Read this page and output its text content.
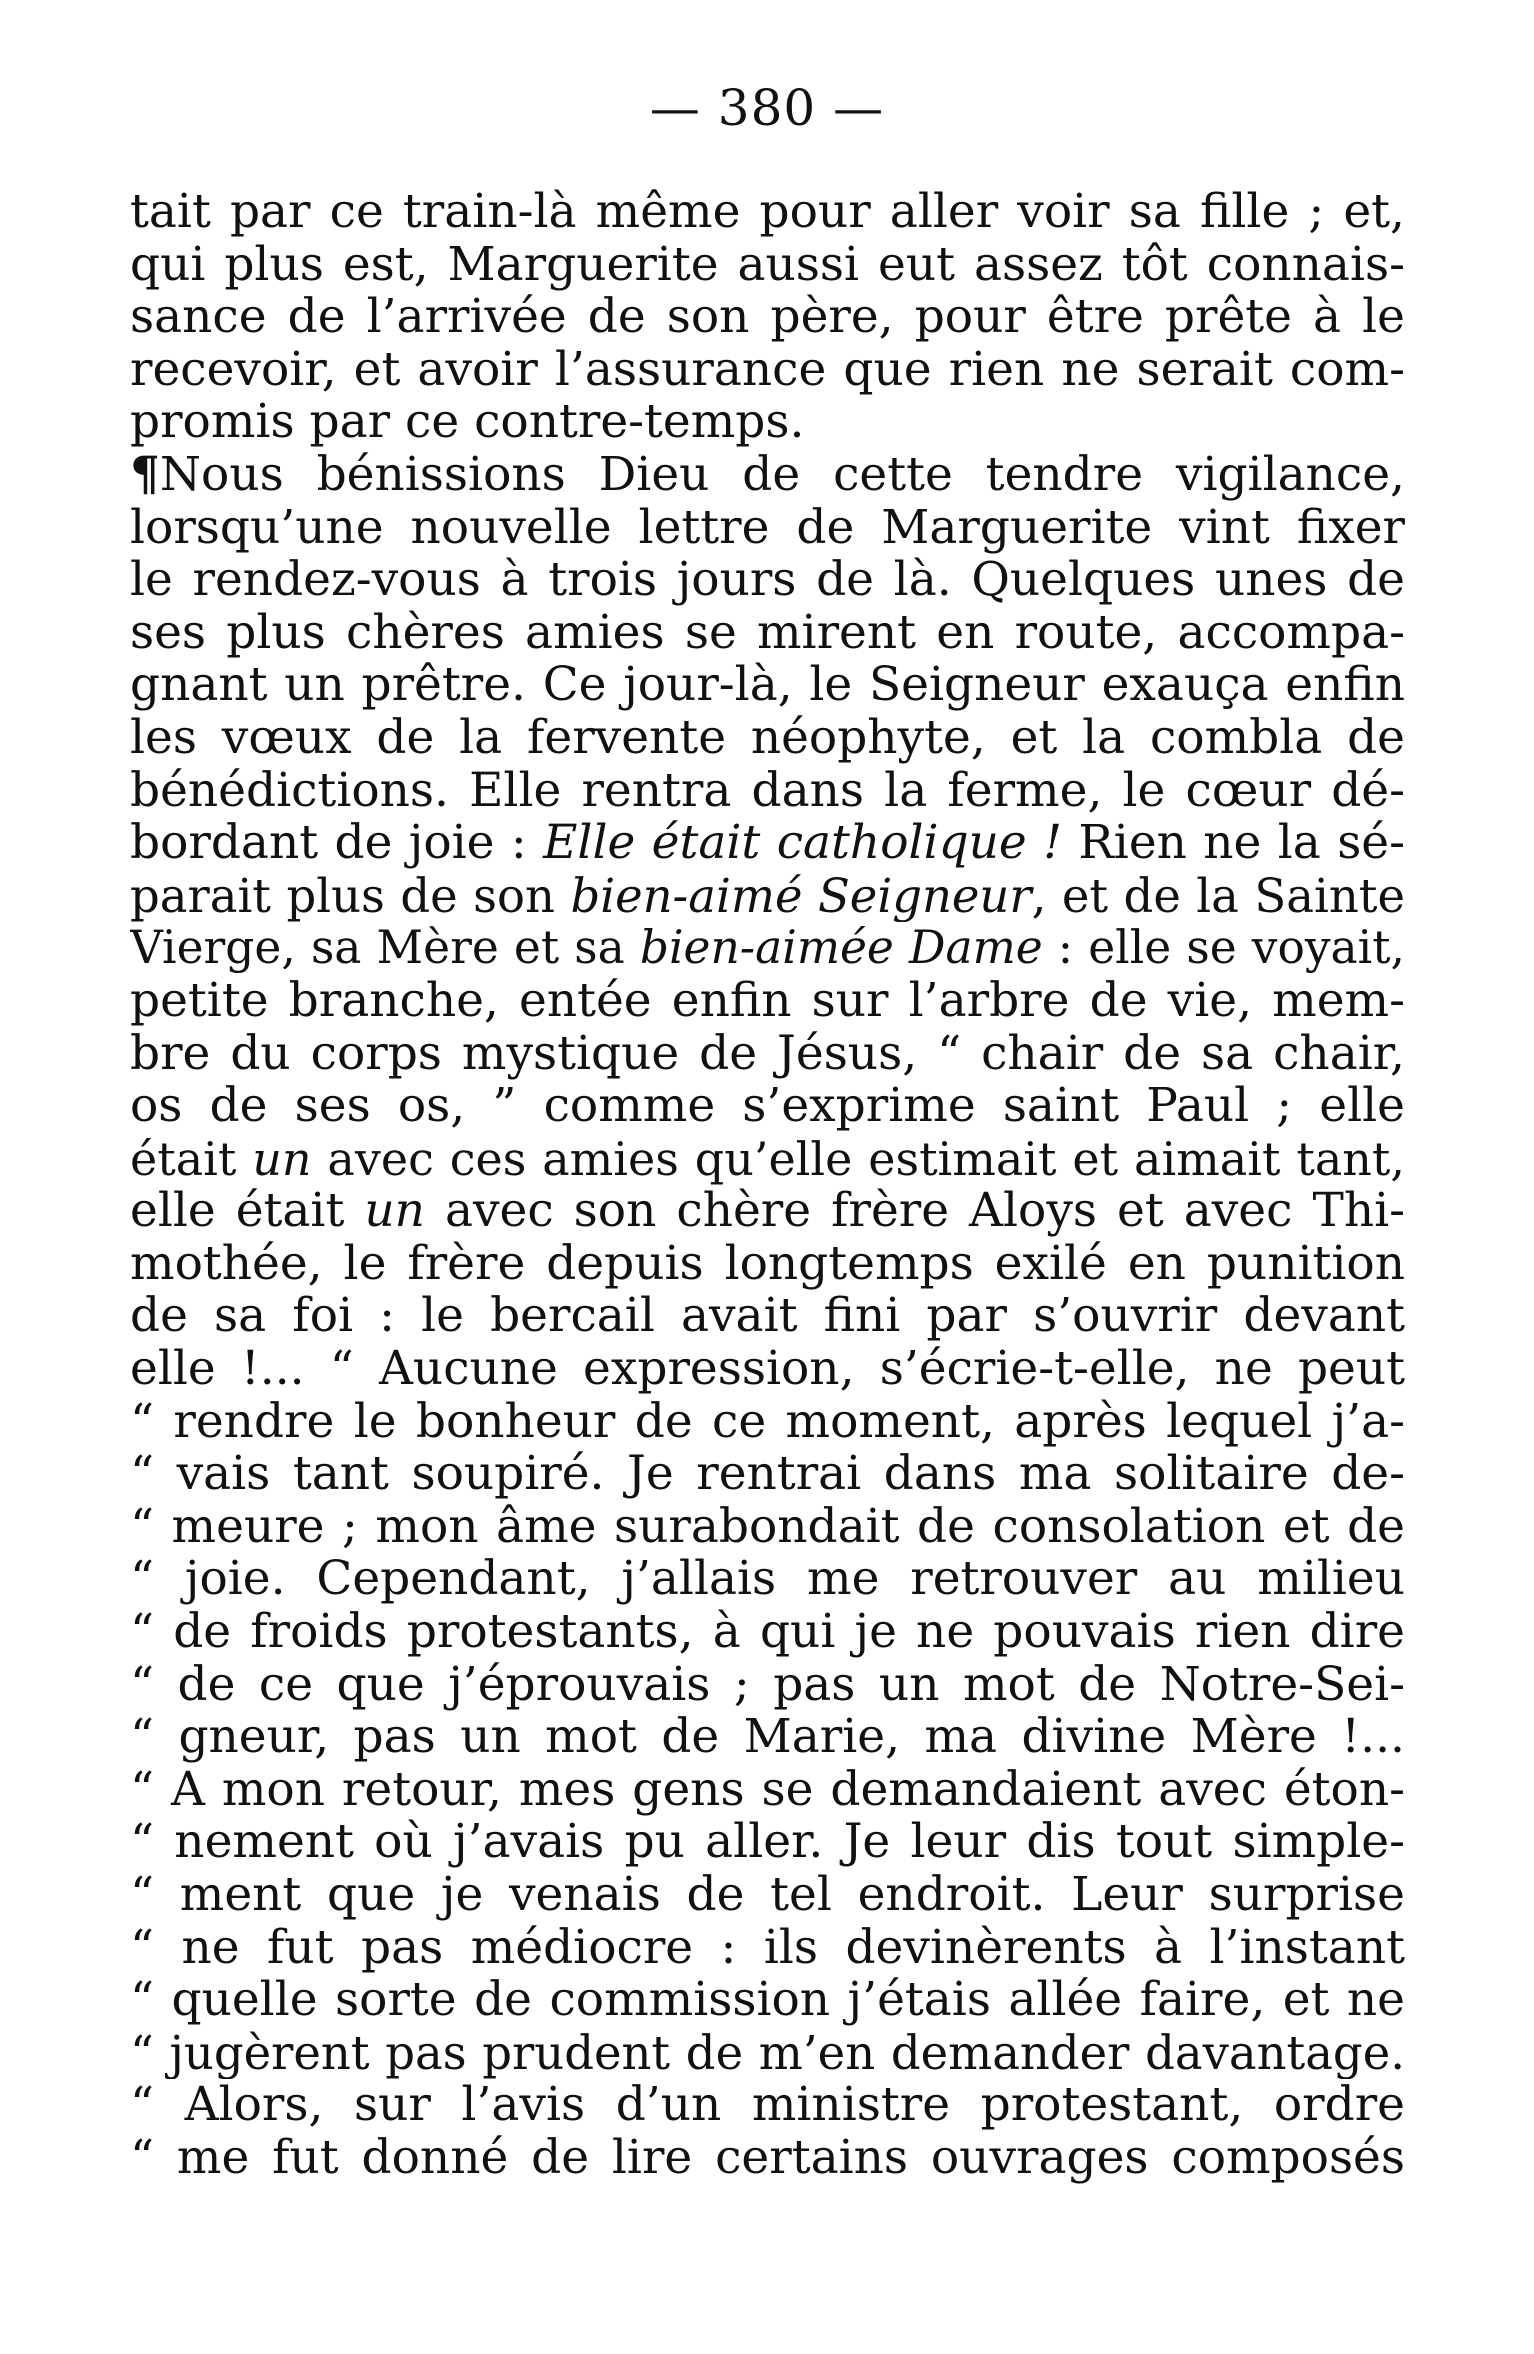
— 380 —
tait par ce train-là même pour aller voir sa fille ; et,
qui plus est, Marguerite aussi eut assez tôt connais-
sance de l’arrivée de son père, pour être prête à le
recevoir, et avoir l’assurance que rien ne serait com-
promis par ce contre-temps.
¶Nous bénissions Dieu de cette tendre vigilance,
lorsqu’une nouvelle lettre de Marguerite vint fixer
le rendez-vous à trois jours de là. Quelques unes de
ses plus chères amies se mirent en route, accompa-
gnant un prêtre. Ce jour-là, le Seigneur exauça enfin
les vœux de la fervente néophyte, et la combla de
bénédictions. Elle rentra dans la ferme, le cœur dé-
bordant de joie : Elle était catholique ! Rien ne la sé-
parait plus de son bien-aimé Seigneur, et de la Sainte
Vierge, sa Mère et sa bien-aimée Dame : elle se voyait,
petite branche, entée enfin sur l’arbre de vie, mem-
bre du corps mystique de Jésus, “ chair de sa chair,
os de ses os, ” comme s’exprime saint Paul ; elle
était un avec ces amies qu’elle estimait et aimait tant,
elle était un avec son chère frère Aloys et avec Thi-
mothée, le frère depuis longtemps exilé en punition
de sa foi : le bercail avait fini par s’ouvrir devant
elle !... “ Aucune expression, s’écrie-t-elle, ne peut
“ rendre le bonheur de ce moment, après lequel j’a-
“ vais tant soupiré. Je rentrai dans ma solitaire de-
“ meure ; mon âme surabondait de consolation et de
“ joie. Cependant, j’allais me retrouver au milieu
“ de froids protestants, à qui je ne pouvais rien dire
“ de ce que j’éprouvais ; pas un mot de Notre-Sei-
“ gneur, pas un mot de Marie, ma divine Mère !...
“ A mon retour, mes gens se demandaient avec éton-
“ nement où j’avais pu aller. Je leur dis tout simple-
“ ment que je venais de tel endroit. Leur surprise
“ ne fut pas médiocre : ils devinèrents à l’instant
“ quelle sorte de commission j’étais allée faire, et ne
“ jugèrent pas prudent de m’en demander davantage.
“ Alors, sur l’avis d’un ministre protestant, ordre
“ me fut donné de lire certains ouvrages composés
